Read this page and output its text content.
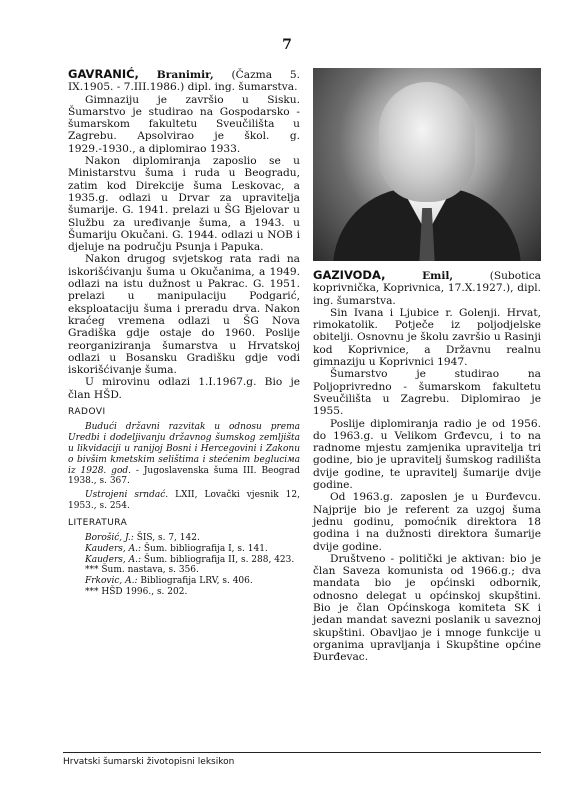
7

GAVRANIĆ, Branimir, (Čazma 5. IX.1905. - 7.III.1986.) dipl. ing. šumarstva.

Gimnaziju je završio u Sisku. Šumarstvo je studirao na Gospodarsko - šumarskom fakultetu Sveučilišta u Zagrebu. Apsolvirao je škol. g. 1929.-1930., a diplomirao 1933.

Nakon diplomiranja zaposlio se u Ministarstvu šuma i ruda u Beogradu, zatim kod Direkcije šuma Leskovac, a 1935.g. odlazi u Drvar za upravitelja šumarije. G. 1941. prelazi u ŠG Bjelovar u Službu za uređivanje šuma, a 1943. u Šumariju Okučani. G. 1944. odlazi u NOB i djeluje na području Psunja i Papuka.

Nakon drugog svjetskog rata radi na iskorišćivanju šuma u Okučanima, a 1949. odlazi na istu dužnost u Pakrac. G. 1951. prelazi u manipulaciju Podgarić, eksploataciju šuma i preradu drva. Nakon kraćeg vremena odlazi u ŠG Nova Gradiška gdje ostaje do 1960. Poslije reorganiziranja šumarstva u Hrvatskoj odlazi u Bosansku Gradišku gdje vodi iskorišćivanje šuma.

U mirovinu odlazi 1.I.1967.g. Bio je član HŠD.

RADOVI

Budući državni razvitak u odnosu prema Uredbi i dodeljivanju državnog šumskog zemljišta u likvidaciji u ranijoj Bosni i Hercegovini i Zakonu o bivšim kmetskim selištima i stećenim begluciма iz 1928. god. - Jugoslavenska šuma III. Beograd 1938., s. 367.

Ustrojeni srndać. LXII, Lovački vjesnik 12, 1953., s. 254.

LITERATURA

Borošić, J.: ŠIS, s. 7, 142.

Kauders, A.: Šum. bibliografija I, s. 141.

Kauders, A.: Šum. bibliografija II, s. 288, 423.

*** Šum. nastava, s. 356.

Frkovic, A.: Bibliografija LRV, s. 406.

*** HŠD 1996., s. 202.

GAZIVODA,	Emil,	(Subotica koprivnička, Koprivnica, 17.X.1927.), dipl. ing. šumarstva.

Sin Ivana i Ljubice r. Golenji. Hrvat, rimokatolik. Potječe iz poljodjelske obitelji. Osnovnu je školu završio u Rasinji kod Koprivnice, a Državnu realnu gimnaziju u Koprivnici 1947.

Šumarstvo je studirao na Poljoprivredno - šumarskom fakultetu Sveučilišta u Zagrebu. Diplomirao je 1955.

Poslije diplomiranja radio je od 1956. do 1963.g. u Velikom Grđevcu, i to na radnome mjestu zamjenika upravitelja tri godine, bio je upravitelj šumskog radilišta dvije godine, te upravitelj šumarije dvije godine.

Od 1963.g. zaposlen je u Đurđevcu. Najprije bio je referent za uzgoj šuma jednu godinu, pomoćnik direktora 18 godina i na dužnosti direktora šumarije dvije godine.

Društveno - politički je aktivan: bio je član Saveza komunista od 1966.g.; dva mandata bio je općinski odbornik, odnosno delegat u općinskoj skupštini. Bio je član Općinskoga komiteta SK i jedan mandat savezni poslanik u saveznoj skupštini. Obavljao je i mnoge funkcije u organima upravljanja i Skupštine općine Đurđevac.

Hrvatski šumarski životopisni leksikon
